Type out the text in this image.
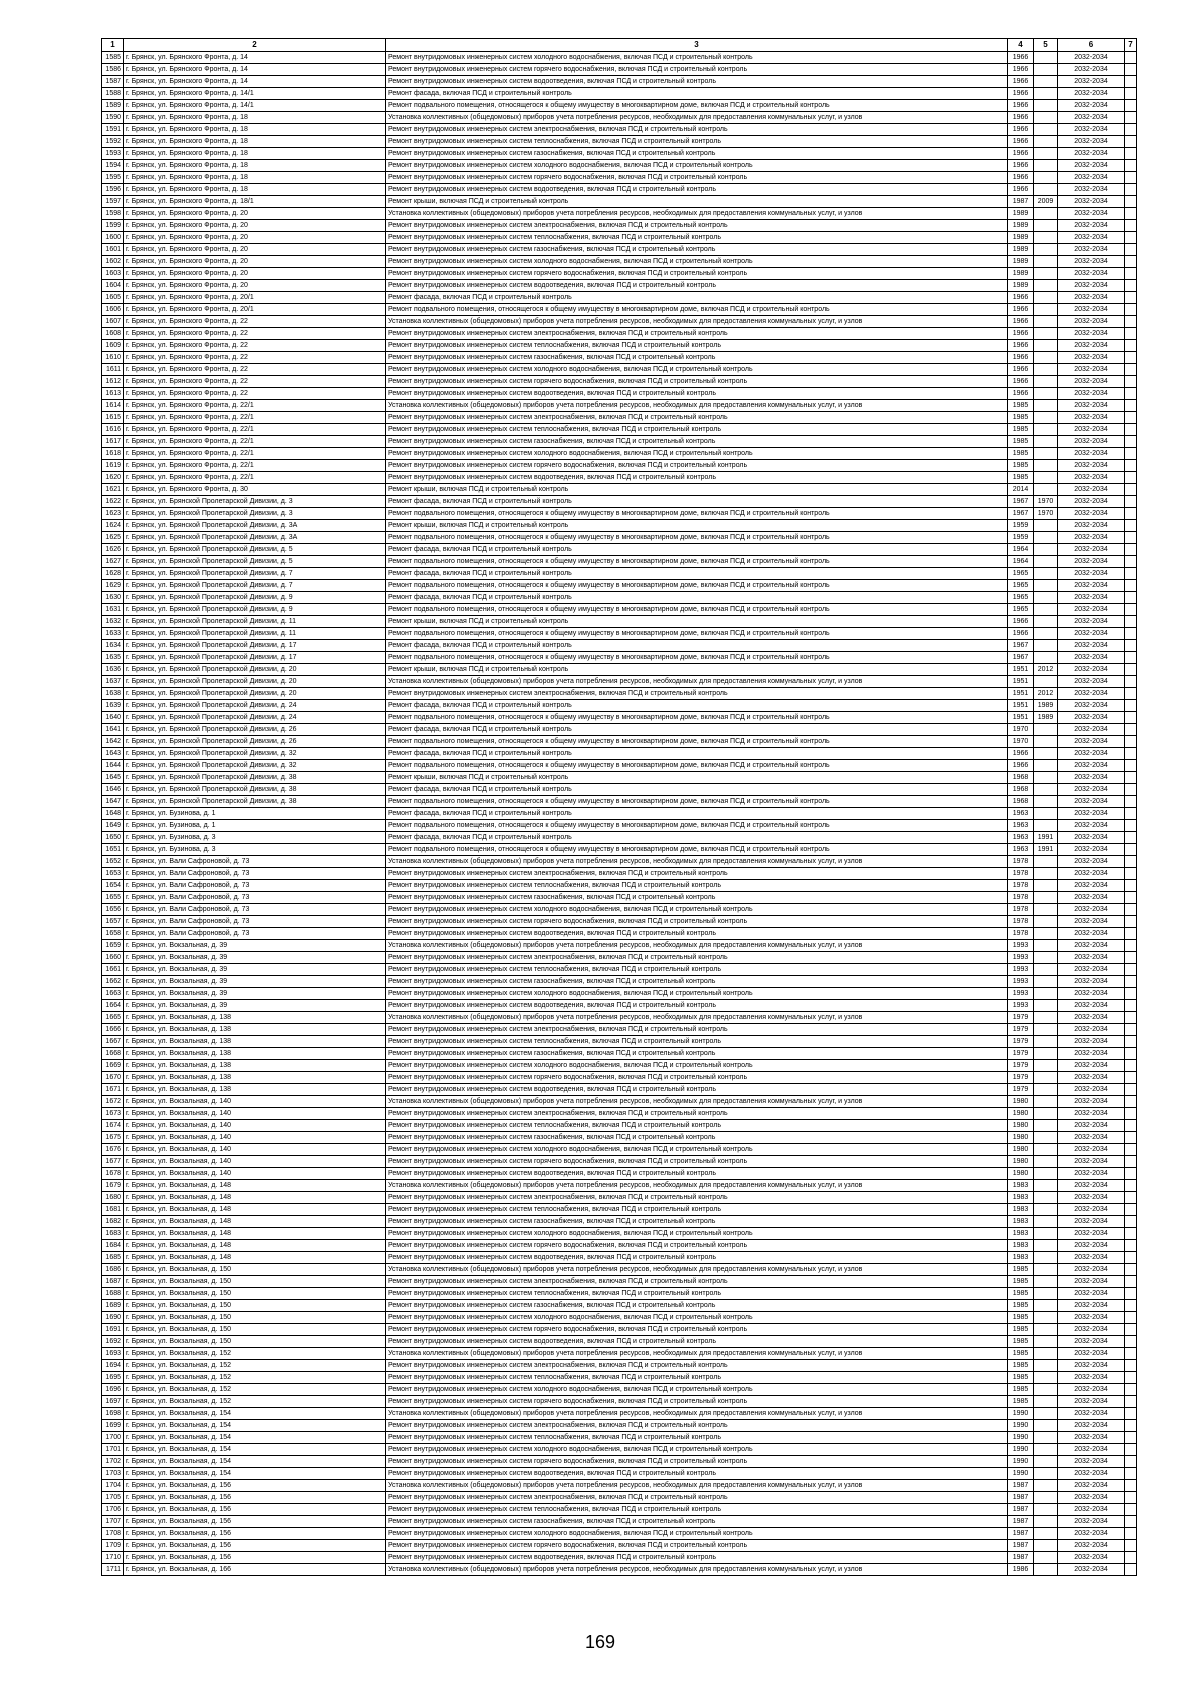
1	2	3	4	5	6	7
1585	г. Брянск, ул. Брянского Фронта, д. 14	Ремонт внутридомовых инженерных систем холодного водоснабжения, включая ПСД и строительный контроль	1966		2032-2034	
1586	г. Брянск, ул. Брянского Фронта, д. 14	Ремонт внутридомовых инженерных систем горячего водоснабжения, включая ПСД и строительный контроль	1966		2032-2034	
1587	г. Брянск, ул. Брянского Фронта, д. 14	Ремонт внутридомовых инженерных систем водоотведения, включая ПСД и строительный контроль	1966		2032-2034	
1588	г. Брянск, ул. Брянского Фронта, д. 14/1	Ремонт фасада, включая ПСД и строительный контроль	1966		2032-2034	
1589	г. Брянск, ул. Брянского Фронта, д. 14/1	Ремонт подвального помещения, относящегося к общему имуществу в многоквартирном доме, включая ПСД и строительный контроль	1966		2032-2034	
1590	г. Брянск, ул. Брянского Фронта, д. 18	Установка коллективных (общедомовых) приборов учета потребления ресурсов, необходимых для предоставления коммунальных услуг, и узлов	1966		2032-2034	
1591	г. Брянск, ул. Брянского Фронта, д. 18	Ремонт внутридомовых инженерных систем электроснабжения, включая ПСД и строительный контроль	1966		2032-2034	
1592	г. Брянск, ул. Брянского Фронта, д. 18	Ремонт внутридомовых инженерных систем теплоснабжения, включая ПСД и строительный контроль	1966		2032-2034	
1593	г. Брянск, ул. Брянского Фронта, д. 18	Ремонт внутридомовых инженерных систем газоснабжения, включая ПСД и строительный контроль	1966		2032-2034	
1594	г. Брянск, ул. Брянского Фронта, д. 18	Ремонт внутридомовых инженерных систем холодного водоснабжения, включая ПСД и строительный контроль	1966		2032-2034	
1595	г. Брянск, ул. Брянского Фронта, д. 18	Ремонт внутридомовых инженерных систем горячего водоснабжения, включая ПСД и строительный контроль	1966		2032-2034	
1596	г. Брянск, ул. Брянского Фронта, д. 18	Ремонт внутридомовых инженерных систем водоотведения, включая ПСД и строительный контроль	1966		2032-2034	
1597	г. Брянск, ул. Брянского Фронта, д. 18/1	Ремонт крыши, включая ПСД и строительный контроль	1987	2009	2032-2034	
1598	г. Брянск, ул. Брянского Фронта, д. 20	Установка коллективных (общедомовых) приборов учета потребления ресурсов, необходимых для предоставления коммунальных услуг, и узлов	1989		2032-2034	
1599	г. Брянск, ул. Брянского Фронта, д. 20	Ремонт внутридомовых инженерных систем электроснабжения, включая ПСД и строительный контроль	1989		2032-2034	
1600	г. Брянск, ул. Брянского Фронта, д. 20	Ремонт внутридомовых инженерных систем теплоснабжения, включая ПСД и строительный контроль	1989		2032-2034	
1601	г. Брянск, ул. Брянского Фронта, д. 20	Ремонт внутридомовых инженерных систем газоснабжения, включая ПСД и строительный контроль	1989		2032-2034	
1602	г. Брянск, ул. Брянского Фронта, д. 20	Ремонт внутридомовых инженерных систем холодного водоснабжения, включая ПСД и строительный контроль	1989		2032-2034	
1603	г. Брянск, ул. Брянского Фронта, д. 20	Ремонт внутридомовых инженерных систем горячего водоснабжения, включая ПСД и строительный контроль	1989		2032-2034	
1604	г. Брянск, ул. Брянского Фронта, д. 20	Ремонт внутридомовых инженерных систем водоотведения, включая ПСД и строительный контроль	1989		2032-2034	
1605	г. Брянск, ул. Брянского Фронта, д. 20/1	Ремонт фасада, включая ПСД и строительный контроль	1966		2032-2034	
1606	г. Брянск, ул. Брянского Фронта, д. 20/1	Ремонт подвального помещения, относящегося к общему имуществу в многоквартирном доме, включая ПСД и строительный контроль	1966		2032-2034	
1607	г. Брянск, ул. Брянского Фронта, д. 22	Установка коллективных (общедомовых) приборов учета потребления ресурсов, необходимых для предоставления коммунальных услуг, и узлов	1966		2032-2034	
1608	г. Брянск, ул. Брянского Фронта, д. 22	Ремонт внутридомовых инженерных систем электроснабжения, включая ПСД и строительный контроль	1966		2032-2034	
1609	г. Брянск, ул. Брянского Фронта, д. 22	Ремонт внутридомовых инженерных систем теплоснабжения, включая ПСД и строительный контроль	1966		2032-2034	
1610	г. Брянск, ул. Брянского Фронта, д. 22	Ремонт внутридомовых инженерных систем газоснабжения, включая ПСД и строительный контроль	1966		2032-2034	
1611	г. Брянск, ул. Брянского Фронта, д. 22	Ремонт внутридомовых инженерных систем холодного водоснабжения, включая ПСД и строительный контроль	1966		2032-2034	
1612	г. Брянск, ул. Брянского Фронта, д. 22	Ремонт внутридомовых инженерных систем горячего водоснабжения, включая ПСД и строительный контроль	1966		2032-2034	
1613	г. Брянск, ул. Брянского Фронта, д. 22	Ремонт внутридомовых инженерных систем водоотведения, включая ПСД и строительный контроль	1966		2032-2034	
1614	г. Брянск, ул. Брянского Фронта, д. 22/1	Установка коллективных (общедомовых) приборов учета потребления ресурсов, необходимых для предоставления коммунальных услуг, и узлов	1985		2032-2034	
1615	г. Брянск, ул. Брянского Фронта, д. 22/1	Ремонт внутридомовых инженерных систем электроснабжения, включая ПСД и строительный контроль	1985		2032-2034	
1616	г. Брянск, ул. Брянского Фронта, д. 22/1	Ремонт внутридомовых инженерных систем теплоснабжения, включая ПСД и строительный контроль	1985		2032-2034	
1617	г. Брянск, ул. Брянского Фронта, д. 22/1	Ремонт внутридомовых инженерных систем газоснабжения, включая ПСД и строительный контроль	1985		2032-2034	
1618	г. Брянск, ул. Брянского Фронта, д. 22/1	Ремонт внутридомовых инженерных систем холодного водоснабжения, включая ПСД и строительный контроль	1985		2032-2034	
1619	г. Брянск, ул. Брянского Фронта, д. 22/1	Ремонт внутридомовых инженерных систем горячего водоснабжения, включая ПСД и строительный контроль	1985		2032-2034	
1620	г. Брянск, ул. Брянского Фронта, д. 22/1	Ремонт внутридомовых инженерных систем водоотведения, включая ПСД и строительный контроль	1985		2032-2034	
1621	г. Брянск, ул. Брянского Фронта, д. 30	Ремонт крыши, включая ПСД и строительный контроль	2014		2032-2034	
1622	г. Брянск, ул. Брянской Пролетарской Дивизии, д. 3	Ремонт фасада, включая ПСД и строительный контроль	1967	1970	2032-2034	
1623	г. Брянск, ул. Брянской Пролетарской Дивизии, д. 3	Ремонт подвального помещения, относящегося к общему имуществу в многоквартирном доме, включая ПСД и строительный контроль	1967	1970	2032-2034	
1624	г. Брянск, ул. Брянской Пролетарской Дивизии, д. 3А	Ремонт крыши, включая ПСД и строительный контроль	1959		2032-2034	
1625	г. Брянск, ул. Брянской Пролетарской Дивизии, д. 3А	Ремонт подвального помещения, относящегося к общему имуществу в многоквартирном доме, включая ПСД и строительный контроль	1959		2032-2034	
1626	г. Брянск, ул. Брянской Пролетарской Дивизии, д. 5	Ремонт фасада, включая ПСД и строительный контроль	1964		2032-2034	
1627	г. Брянск, ул. Брянской Пролетарской Дивизии, д. 5	Ремонт подвального помещения, относящегося к общему имуществу в многоквартирном доме, включая ПСД и строительный контроль	1964		2032-2034	
1628	г. Брянск, ул. Брянской Пролетарской Дивизии, д. 7	Ремонт фасада, включая ПСД и строительный контроль	1965		2032-2034	
1629	г. Брянск, ул. Брянской Пролетарской Дивизии, д. 7	Ремонт подвального помещения, относящегося к общему имуществу в многоквартирном доме, включая ПСД и строительный контроль	1965		2032-2034	
1630	г. Брянск, ул. Брянской Пролетарской Дивизии, д. 9	Ремонт фасада, включая ПСД и строительный контроль	1965		2032-2034	
1631	г. Брянск, ул. Брянской Пролетарской Дивизии, д. 9	Ремонт подвального помещения, относящегося к общему имуществу в многоквартирном доме, включая ПСД и строительный контроль	1965		2032-2034	
1632	г. Брянск, ул. Брянской Пролетарской Дивизии, д. 11	Ремонт крыши, включая ПСД и строительный контроль	1966		2032-2034	
1633	г. Брянск, ул. Брянской Пролетарской Дивизии, д. 11	Ремонт подвального помещения, относящегося к общему имуществу в многоквартирном доме, включая ПСД и строительный контроль	1966		2032-2034	
1634	г. Брянск, ул. Брянской Пролетарской Дивизии, д. 17	Ремонт фасада, включая ПСД и строительный контроль	1967		2032-2034	
1635	г. Брянск, ул. Брянской Пролетарской Дивизии, д. 17	Ремонт подвального помещения, относящегося к общему имуществу в многоквартирном доме, включая ПСД и строительный контроль	1967		2032-2034	
1636	г. Брянск, ул. Брянской Пролетарской Дивизии, д. 20	Ремонт крыши, включая ПСД и строительный контроль	1951	2012	2032-2034	
1637	г. Брянск, ул. Брянской Пролетарской Дивизии, д. 20	Установка коллективных (общедомовых) приборов учета потребления ресурсов, необходимых для предоставления коммунальных услуг, и узлов	1951		2032-2034	
1638	г. Брянск, ул. Брянской Пролетарской Дивизии, д. 20	Ремонт внутридомовых инженерных систем электроснабжения, включая ПСД и строительный контроль	1951	2012	2032-2034	
1639	г. Брянск, ул. Брянской Пролетарской Дивизии, д. 24	Ремонт фасада, включая ПСД и строительный контроль	1951	1989	2032-2034	
1640	г. Брянск, ул. Брянской Пролетарской Дивизии, д. 24	Ремонт подвального помещения, относящегося к общему имуществу в многоквартирном доме, включая ПСД и строительный контроль	1951	1989	2032-2034	
1641	г. Брянск, ул. Брянской Пролетарской Дивизии, д. 26	Ремонт фасада, включая ПСД и строительный контроль	1970		2032-2034	
1642	г. Брянск, ул. Брянской Пролетарской Дивизии, д. 26	Ремонт подвального помещения, относящегося к общему имуществу в многоквартирном доме, включая ПСД и строительный контроль	1970		2032-2034	
1643	г. Брянск, ул. Брянской Пролетарской Дивизии, д. 32	Ремонт фасада, включая ПСД и строительный контроль	1966		2032-2034	
1644	г. Брянск, ул. Брянской Пролетарской Дивизии, д. 32	Ремонт подвального помещения, относящегося к общему имуществу в многоквартирном доме, включая ПСД и строительный контроль	1966		2032-2034	
1645	г. Брянск, ул. Брянской Пролетарской Дивизии, д. 38	Ремонт крыши, включая ПСД и строительный контроль	1968		2032-2034	
1646	г. Брянск, ул. Брянской Пролетарской Дивизии, д. 38	Ремонт фасада, включая ПСД и строительный контроль	1968		2032-2034	
1647	г. Брянск, ул. Брянской Пролетарской Дивизии, д. 38	Ремонт подвального помещения, относящегося к общему имуществу в многоквартирном доме, включая ПСД и строительный контроль	1968		2032-2034	
1648	г. Брянск, ул. Бузинова, д. 1	Ремонт фасада, включая ПСД и строительный контроль	1963		2032-2034	
1649	г. Брянск, ул. Бузинова, д. 1	Ремонт подвального помещения, относящегося к общему имуществу в многоквартирном доме, включая ПСД и строительный контроль	1963		2032-2034	
1650	г. Брянск, ул. Бузинова, д. 3	Ремонт фасада, включая ПСД и строительный контроль	1963	1991	2032-2034	
1651	г. Брянск, ул. Бузинова, д. 3	Ремонт подвального помещения, относящегося к общему имуществу в многоквартирном доме, включая ПСД и строительный контроль	1963	1991	2032-2034	
1652	г. Брянск, ул. Вали Сафроновой, д. 73	Установка коллективных (общедомовых) приборов учета потребления ресурсов, необходимых для предоставления коммунальных услуг, и узлов	1978		2032-2034	
1653	г. Брянск, ул. Вали Сафроновой, д. 73	Ремонт внутридомовых инженерных систем электроснабжения, включая ПСД и строительный контроль	1978		2032-2034	
1654	г. Брянск, ул. Вали Сафроновой, д. 73	Ремонт внутридомовых инженерных систем теплоснабжения, включая ПСД и строительный контроль	1978		2032-2034	
1655	г. Брянск, ул. Вали Сафроновой, д. 73	Ремонт внутридомовых инженерных систем газоснабжения, включая ПСД и строительный контроль	1978		2032-2034	
1656	г. Брянск, ул. Вали Сафроновой, д. 73	Ремонт внутридомовых инженерных систем холодного водоснабжения, включая ПСД и строительный контроль	1978		2032-2034	
1657	г. Брянск, ул. Вали Сафроновой, д. 73	Ремонт внутридомовых инженерных систем горячего водоснабжения, включая ПСД и строительный контроль	1978		2032-2034	
1658	г. Брянск, ул. Вали Сафроновой, д. 73	Ремонт внутридомовых инженерных систем водоотведения, включая ПСД и строительный контроль	1978		2032-2034	
1659	г. Брянск, ул. Вокзальная, д. 39	Установка коллективных (общедомовых) приборов учета потребления ресурсов, необходимых для предоставления коммунальных услуг, и узлов	1993		2032-2034	
1660	г. Брянск, ул. Вокзальная, д. 39	Ремонт внутридомовых инженерных систем электроснабжения, включая ПСД и строительный контроль	1993		2032-2034	
1661	г. Брянск, ул. Вокзальная, д. 39	Ремонт внутридомовых инженерных систем теплоснабжения, включая ПСД и строительный контроль	1993		2032-2034	
1662	г. Брянск, ул. Вокзальная, д. 39	Ремонт внутридомовых инженерных систем газоснабжения, включая ПСД и строительный контроль	1993		2032-2034	
1663	г. Брянск, ул. Вокзальная, д. 39	Ремонт внутридомовых инженерных систем холодного водоснабжения, включая ПСД и строительный контроль	1993		2032-2034	
1664	г. Брянск, ул. Вокзальная, д. 39	Ремонт внутридомовых инженерных систем водоотведения, включая ПСД и строительный контроль	1993		2032-2034	
1665	г. Брянск, ул. Вокзальная, д. 138	Установка коллективных (общедомовых) приборов учета потребления ресурсов, необходимых для предоставления коммунальных услуг, и узлов	1979		2032-2034	
1666	г. Брянск, ул. Вокзальная, д. 138	Ремонт внутридомовых инженерных систем электроснабжения, включая ПСД и строительный контроль	1979		2032-2034	
1667	г. Брянск, ул. Вокзальная, д. 138	Ремонт внутридомовых инженерных систем теплоснабжения, включая ПСД и строительный контроль	1979		2032-2034	
1668	г. Брянск, ул. Вокзальная, д. 138	Ремонт внутридомовых инженерных систем газоснабжения, включая ПСД и строительный контроль	1979		2032-2034	
1669	г. Брянск, ул. Вокзальная, д. 138	Ремонт внутридомовых инженерных систем холодного водоснабжения, включая ПСД и строительный контроль	1979		2032-2034	
1670	г. Брянск, ул. Вокзальная, д. 138	Ремонт внутридомовых инженерных систем горячего водоснабжения, включая ПСД и строительный контроль	1979		2032-2034	
1671	г. Брянск, ул. Вокзальная, д. 138	Ремонт внутридомовых инженерных систем водоотведения, включая ПСД и строительный контроль	1979		2032-2034	
1672	г. Брянск, ул. Вокзальная, д. 140	Установка коллективных (общедомовых) приборов учета потребления ресурсов, необходимых для предоставления коммунальных услуг, и узлов	1980		2032-2034	
1673	г. Брянск, ул. Вокзальная, д. 140	Ремонт внутридомовых инженерных систем электроснабжения, включая ПСД и строительный контроль	1980		2032-2034	
1674	г. Брянск, ул. Вокзальная, д. 140	Ремонт внутридомовых инженерных систем теплоснабжения, включая ПСД и строительный контроль	1980		2032-2034	
1675	г. Брянск, ул. Вокзальная, д. 140	Ремонт внутридомовых инженерных систем газоснабжения, включая ПСД и строительный контроль	1980		2032-2034	
1676	г. Брянск, ул. Вокзальная, д. 140	Ремонт внутридомовых инженерных систем холодного водоснабжения, включая ПСД и строительный контроль	1980		2032-2034	
1677	г. Брянск, ул. Вокзальная, д. 140	Ремонт внутридомовых инженерных систем горячего водоснабжения, включая ПСД и строительный контроль	1980		2032-2034	
1678	г. Брянск, ул. Вокзальная, д. 140	Ремонт внутридомовых инженерных систем водоотведения, включая ПСД и строительный контроль	1980		2032-2034	
1679	г. Брянск, ул. Вокзальная, д. 148	Установка коллективных (общедомовых) приборов учета потребления ресурсов, необходимых для предоставления коммунальных услуг, и узлов	1983		2032-2034	
1680	г. Брянск, ул. Вокзальная, д. 148	Ремонт внутридомовых инженерных систем электроснабжения, включая ПСД и строительный контроль	1983		2032-2034	
1681	г. Брянск, ул. Вокзальная, д. 148	Ремонт внутридомовых инженерных систем теплоснабжения, включая ПСД и строительный контроль	1983		2032-2034	
1682	г. Брянск, ул. Вокзальная, д. 148	Ремонт внутридомовых инженерных систем газоснабжения, включая ПСД и строительный контроль	1983		2032-2034	
1683	г. Брянск, ул. Вокзальная, д. 148	Ремонт внутридомовых инженерных систем холодного водоснабжения, включая ПСД и строительный контроль	1983		2032-2034	
1684	г. Брянск, ул. Вокзальная, д. 148	Ремонт внутридомовых инженерных систем горячего водоснабжения, включая ПСД и строительный контроль	1983		2032-2034	
1685	г. Брянск, ул. Вокзальная, д. 148	Ремонт внутридомовых инженерных систем водоотведения, включая ПСД и строительный контроль	1983		2032-2034	
1686	г. Брянск, ул. Вокзальная, д. 150	Установка коллективных (общедомовых) приборов учета потребления ресурсов, необходимых для предоставления коммунальных услуг, и узлов	1985		2032-2034	
1687	г. Брянск, ул. Вокзальная, д. 150	Ремонт внутридомовых инженерных систем электроснабжения, включая ПСД и строительный контроль	1985		2032-2034	
1688	г. Брянск, ул. Вокзальная, д. 150	Ремонт внутридомовых инженерных систем теплоснабжения, включая ПСД и строительный контроль	1985		2032-2034	
1689	г. Брянск, ул. Вокзальная, д. 150	Ремонт внутридомовых инженерных систем газоснабжения, включая ПСД и строительный контроль	1985		2032-2034	
1690	г. Брянск, ул. Вокзальная, д. 150	Ремонт внутридомовых инженерных систем холодного водоснабжения, включая ПСД и строительный контроль	1985		2032-2034	
1691	г. Брянск, ул. Вокзальная, д. 150	Ремонт внутридомовых инженерных систем горячего водоснабжения, включая ПСД и строительный контроль	1985		2032-2034	
1692	г. Брянск, ул. Вокзальная, д. 150	Ремонт внутридомовых инженерных систем водоотведения, включая ПСД и строительный контроль	1985		2032-2034	
1693	г. Брянск, ул. Вокзальная, д. 152	Установка коллективных (общедомовых) приборов учета потребления ресурсов, необходимых для предоставления коммунальных услуг, и узлов	1985		2032-2034	
1694	г. Брянск, ул. Вокзальная, д. 152	Ремонт внутридомовых инженерных систем электроснабжения, включая ПСД и строительный контроль	1985		2032-2034	
1695	г. Брянск, ул. Вокзальная, д. 152	Ремонт внутридомовых инженерных систем теплоснабжения, включая ПСД и строительный контроль	1985		2032-2034	
1696	г. Брянск, ул. Вокзальная, д. 152	Ремонт внутридомовых инженерных систем холодного водоснабжения, включая ПСД и строительный контроль	1985		2032-2034	
1697	г. Брянск, ул. Вокзальная, д. 152	Ремонт внутридомовых инженерных систем горячего водоснабжения, включая ПСД и строительный контроль	1985		2032-2034	
1698	г. Брянск, ул. Вокзальная, д. 154	Установка коллективных (общедомовых) приборов учета потребления ресурсов, необходимых для предоставления коммунальных услуг, и узлов	1990		2032-2034	
1699	г. Брянск, ул. Вокзальная, д. 154	Ремонт внутридомовых инженерных систем электроснабжения, включая ПСД и строительный контроль	1990		2032-2034	
1700	г. Брянск, ул. Вокзальная, д. 154	Ремонт внутридомовых инженерных систем теплоснабжения, включая ПСД и строительный контроль	1990		2032-2034	
1701	г. Брянск, ул. Вокзальная, д. 154	Ремонт внутридомовых инженерных систем холодного водоснабжения, включая ПСД и строительный контроль	1990		2032-2034	
1702	г. Брянск, ул. Вокзальная, д. 154	Ремонт внутридомовых инженерных систем горячего водоснабжения, включая ПСД и строительный контроль	1990		2032-2034	
1703	г. Брянск, ул. Вокзальная, д. 154	Ремонт внутридомовых инженерных систем водоотведения, включая ПСД и строительный контроль	1990		2032-2034	
1704	г. Брянск, ул. Вокзальная, д. 156	Установка коллективных (общедомовых) приборов учета потребления ресурсов, необходимых для предоставления коммунальных услуг, и узлов	1987		2032-2034	
1705	г. Брянск, ул. Вокзальная, д. 156	Ремонт внутридомовых инженерных систем электроснабжения, включая ПСД и строительный контроль	1987		2032-2034	
1706	г. Брянск, ул. Вокзальная, д. 156	Ремонт внутридомовых инженерных систем теплоснабжения, включая ПСД и строительный контроль	1987		2032-2034	
1707	г. Брянск, ул. Вокзальная, д. 156	Ремонт внутридомовых инженерных систем газоснабжения, включая ПСД и строительный контроль	1987		2032-2034	
1708	г. Брянск, ул. Вокзальная, д. 156	Ремонт внутридомовых инженерных систем холодного водоснабжения, включая ПСД и строительный контроль	1987		2032-2034	
1709	г. Брянск, ул. Вокзальная, д. 156	Ремонт внутридомовых инженерных систем горячего водоснабжения, включая ПСД и строительный контроль	1987		2032-2034	
1710	г. Брянск, ул. Вокзальная, д. 156	Ремонт внутридомовых инженерных систем водоотведения, включая ПСД и строительный контроль	1987		2032-2034	
1711	г. Брянск, ул. Вокзальная, д. 166	Установка коллективных (общедомовых) приборов учета потребления ресурсов, необходимых для предоставления коммунальных услуг, и узлов	1986		2032-2034	
169
